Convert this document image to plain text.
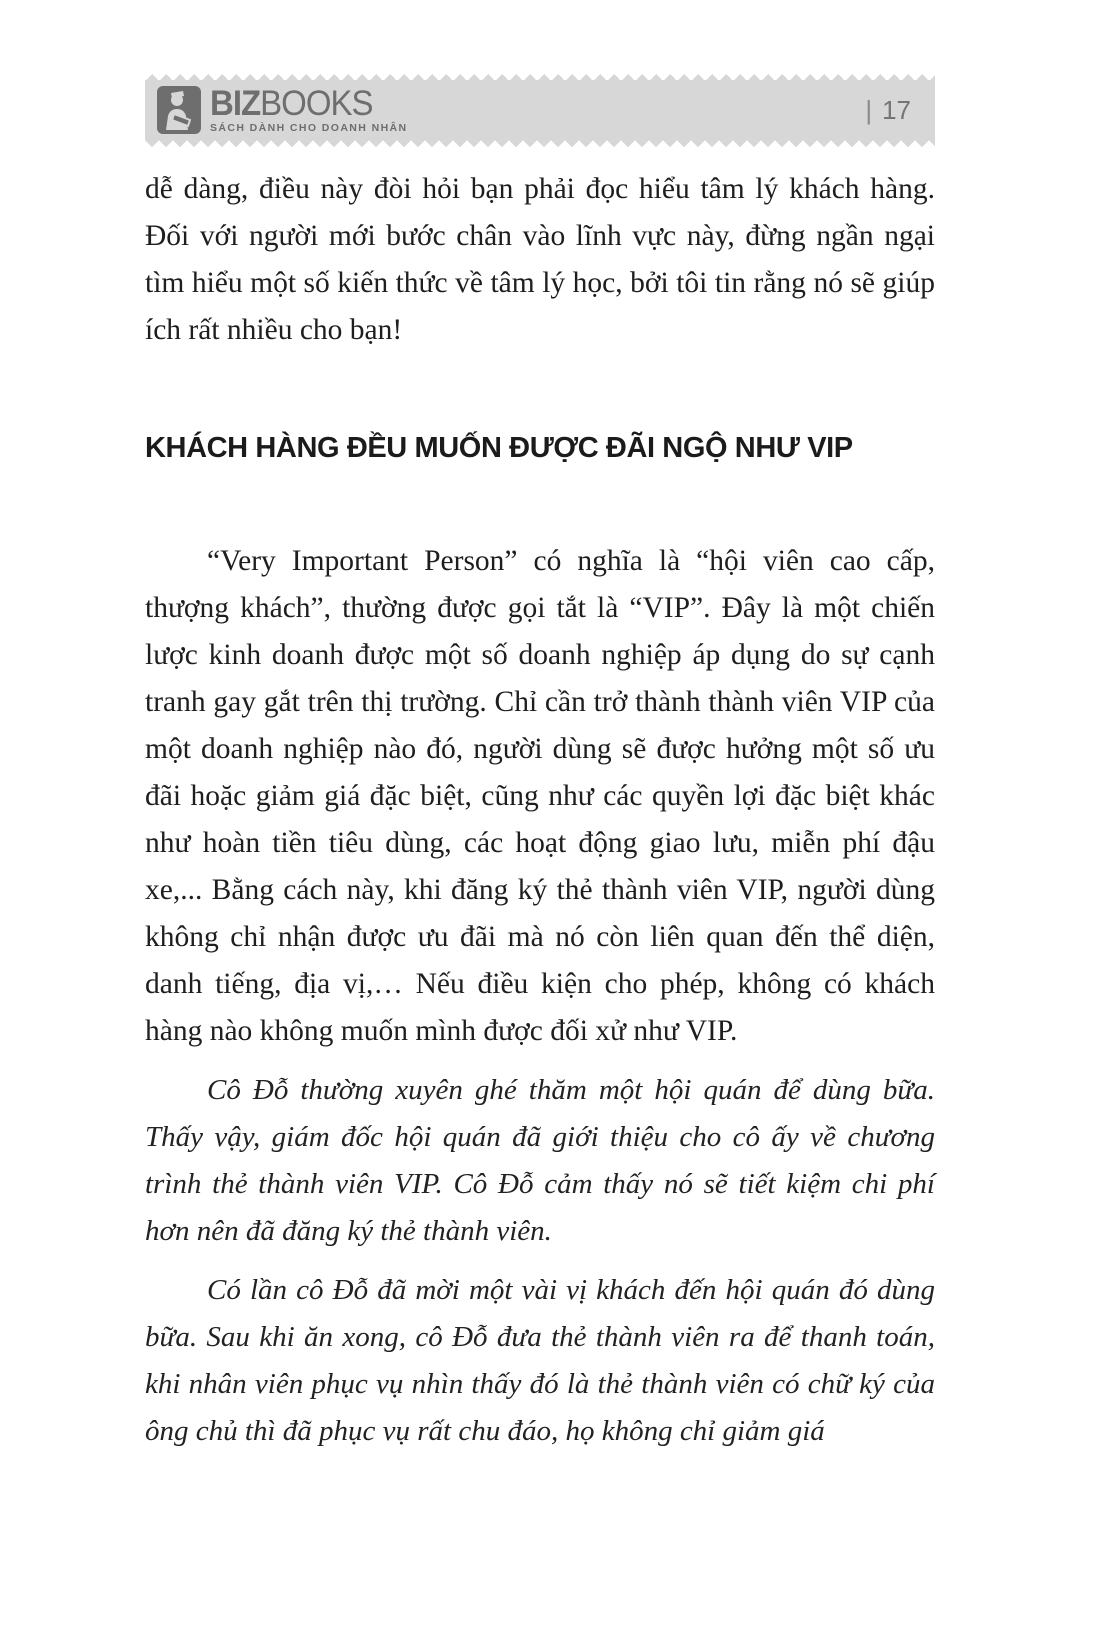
BIZBOOKS
SÁCH DÀNH CHO DOANH NHÂN
| 17

dễ dàng, điều này đòi hỏi bạn phải đọc hiểu tâm lý khách hàng. Đối với người mới bước chân vào lĩnh vực này, đừng ngần ngại tìm hiểu một số kiến thức về tâm lý học, bởi tôi tin rằng nó sẽ giúp ích rất nhiều cho bạn!

KHÁCH HÀNG ĐỀU MUỐN ĐƯỢC ĐÃI NGỘ NHƯ VIP

“Very Important Person” có nghĩa là “hội viên cao cấp, thượng khách”, thường được gọi tắt là “VIP”. Đây là một chiến lược kinh doanh được một số doanh nghiệp áp dụng do sự cạnh tranh gay gắt trên thị trường. Chỉ cần trở thành thành viên VIP của một doanh nghiệp nào đó, người dùng sẽ được hưởng một số ưu đãi hoặc giảm giá đặc biệt, cũng như các quyền lợi đặc biệt khác như hoàn tiền tiêu dùng, các hoạt động giao lưu, miễn phí đậu xe,... Bằng cách này, khi đăng ký thẻ thành viên VIP, người dùng không chỉ nhận được ưu đãi mà nó còn liên quan đến thể diện, danh tiếng, địa vị,… Nếu điều kiện cho phép, không có khách hàng nào không muốn mình được đối xử như VIP.

Cô Đỗ thường xuyên ghé thăm một hội quán để dùng bữa. Thấy vậy, giám đốc hội quán đã giới thiệu cho cô ấy về chương trình thẻ thành viên VIP. Cô Đỗ cảm thấy nó sẽ tiết kiệm chi phí hơn nên đã đăng ký thẻ thành viên.

Có lần cô Đỗ đã mời một vài vị khách đến hội quán đó dùng bữa. Sau khi ăn xong, cô Đỗ đưa thẻ thành viên ra để thanh toán, khi nhân viên phục vụ nhìn thấy đó là thẻ thành viên có chữ ký của ông chủ thì đã phục vụ rất chu đáo, họ không chỉ giảm giá
